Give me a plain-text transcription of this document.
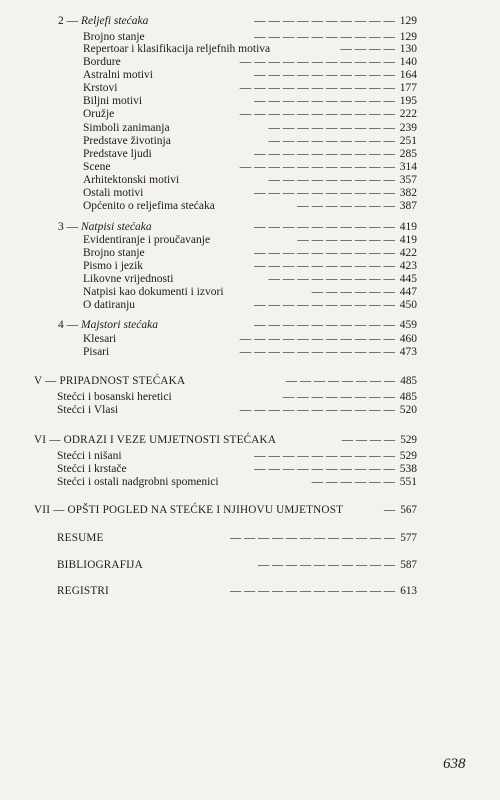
2 — Reljefi stećaka	— — — — — — — — — — 129
Brojno stanje	— — — — — — — — — — 129
Repertoar i klasifikacija reljefnih motiva	— — — — 130
Bordure	— — — — — — — — — — — 140
Astralni motivi	— — — — — — — — — — 164
Krstovi	— — — — — — — — — — — 177
Biljni motivi	— — — — — — — — — — 195
Oružje	— — — — — — — — — — — 222
Simboli zanimanja	— — — — — — — — — 239
Predstave životinja	— — — — — — — — — 251
Predstave ljudi	— — — — — — — — — — 285
Scene	— — — — — — — — — — — 314
Arhitektonski motivi	— — — — — — — — — 357
Ostali motivi	— — — — — — — — — — 382
Općenito o reljefima stećaka	— — — — — — — 387
3 — Natpisi stećaka	— — — — — — — — — — 419
Evidentiranje i proučavanje	— — — — — — — 419
Brojno stanje	— — — — — — — — — — 422
Pismo i jezik	— — — — — — — — — — 423
Likovne vrijednosti	— — — — — — — — — 445
Natpisi kao dokumenti i izvori	— — — — — — 447
O datiranju	— — — — — — — — — — 450
4 — Majstori stećaka	— — — — — — — — — — 459
Klesari	— — — — — — — — — — — 460
Pisari	— — — — — — — — — — — 473
V — PRIPADNOST STEĆAKA	— — — — — — — — 485
Stećci i bosanski heretici	— — — — — — — — 485
Stećci i Vlasi	— — — — — — — — — — — 520
VI — ODRAZI I VEZE UMJETNOSTI STEĆAKA	— — — — 529
Stećci i nišani	— — — — — — — — — — 529
Stećci i krstače	— — — — — — — — — — 538
Stećci i ostali nadgrobni spomenici	— — — — — — 551
VII — OPŠTI POGLED NA STEĆKE I NJIHOVU UMJETNOST	— 567
RESUME	— — — — — — — — — — — — 577
BIBLIOGRAFIJA	— — — — — — — — — — 587
REGISTRI	— — — — — — — — — — — — 613
638
